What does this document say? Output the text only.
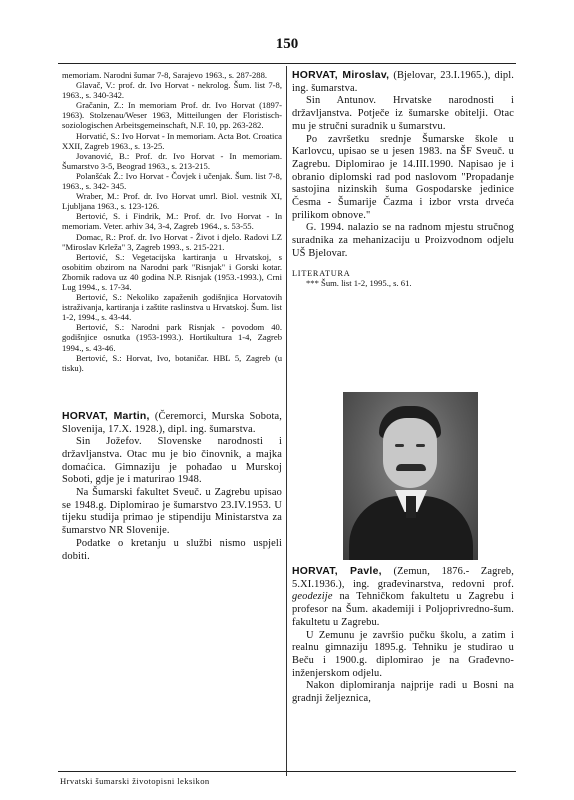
150

memoriam. Narodni šumar 7-8, Sarajevo 1963., s. 287-288.

Glavač, V.: prof. dr. Ivo Horvat - nekrolog. Šum. list 7-8, 1963., s. 340-342.

Gračanin, Z.: In memoriam Prof. dr. Ivo Horvat (1897-1963). Stolzenau/Weser 1963, Mitteilungen der Floristisch-soziologischen Arbeitsgemeinschaft, N.F. 10, pp. 263-282.

Horvatić, S.: Ivo Horvat - In memoriam. Acta Bot. Croatica XXII, Zagreb 1963., s. 13-25.

Jovanović, B.: Prof. dr. Ivo Horvat - In memoriam. Šumarstvo 3-5, Beograd 1963., s. 213-215.

Polanšćak Ž.: Ivo Horvat - Čovjek i učenjak. Šum. list 7-8, 1963., s. 342- 345.

Wraber, M.: Prof. dr. Ivo Horvat umrl. Biol. vestnik XI, Ljubljana 1963., s. 123-126.

Bertović, S. i Findrik, M.: Prof. dr. Ivo Horvat - In memoriam. Veter. arhiv 34, 3-4, Zagreb 1964., s. 53-55.

Domac, R.: Prof. dr. Ivo Horvat - Život i djelo. Radovi LZ "Miroslav Krleža" 3, Zagreb 1993., s. 215-221.

Bertović, S.: Vegetacijska kartiranja u Hrvatskoj, s osobitim obzirom na Narodni park "Risnjak" i Gorski kotar. Zbornik radova uz 40 godina N.P. Risnjak (1953.-1993.), Crni Lug 1994., s. 17-34.

Bertović, S.: Nekoliko zapaženih godišnjica Horvatovih istraživanja, kartiranja i zaštite raslinstva u Hrvatskoj. Šum. list 1-2, 1994., s. 43-44.

Bertović, S.: Narodni park Risnjak - povodom 40. godišnjice osnutka (1953-1993.). Hortikultura 1-4, Zagreb 1994., s. 43-46.

Bertović, S.: Horvat, Ivo, botaničar. HBL 5, Zagreb (u tisku).

HORVAT, Martin, (Čeremorci, Murska Sobota, Slovenija, 17.X. 1928.), dipl. ing. šumarstva.

Sin Jožefov. Slovenske narodnosti i državljanstva. Otac mu je bio činovnik, a majka domaćica. Gimnaziju je pohađao u Murskoj Soboti, gdje je i maturirao 1948.

Na Šumarski fakultet Sveuč. u Zagrebu upisao se 1948.g. Diplomirao je šumarstvo 23.IV.1953. U tijeku studija primao je stipendiju Ministarstva za šumarstvo NR Slovenije.

Podatke o kretanju u službi nismo uspjeli dobiti.

HORVAT, Miroslav, (Bjelovar, 23.I.1965.), dipl. ing. šumarstva.

Sin Antunov. Hrvatske narodnosti i državljanstva. Potječe iz šumarske obitelji. Otac mu je stručni suradnik u šumarstvu.

Po završetku srednje Šumarske škole u Karlovcu, upisao se u jesen 1983. na ŠF Sveuč. u Zagrebu. Diplomirao je 14.III.1990. Napisao je i obranio diplomski rad pod naslovom "Propadanje sastojina nizinskih šuma Gospodarske jedinice Česma - Šumarije Čazma i izbor vrsta drveća prilikom obnove."

G. 1994. nalazio se na radnom mjestu stručnog suradnika za mehanizaciju u Proizvodnom odjelu UŠ Bjelovar.

LITERATURA
*** Šum. list 1-2, 1995., s. 61.

HORVAT, Pavle, (Zemun, 1876.- Zagreb, 5.XI.1936.), ing. građevinarstva, redovni prof. geodezije na Tehničkom fakultetu u Zagrebu i profesor na Šum. akademiji i Poljoprivredno-šum. fakultetu u Zagrebu.

U Zemunu je završio pučku školu, a zatim i realnu gimnaziju 1895.g. Tehniku je studirao u Beču i 1900.g. diplomirao je na Građevno-inženjerskom odjelu.

Nakon diplomiranja najprije radi u Bosni na gradnji željeznica,

Hrvatski šumarski životopisni leksikon
